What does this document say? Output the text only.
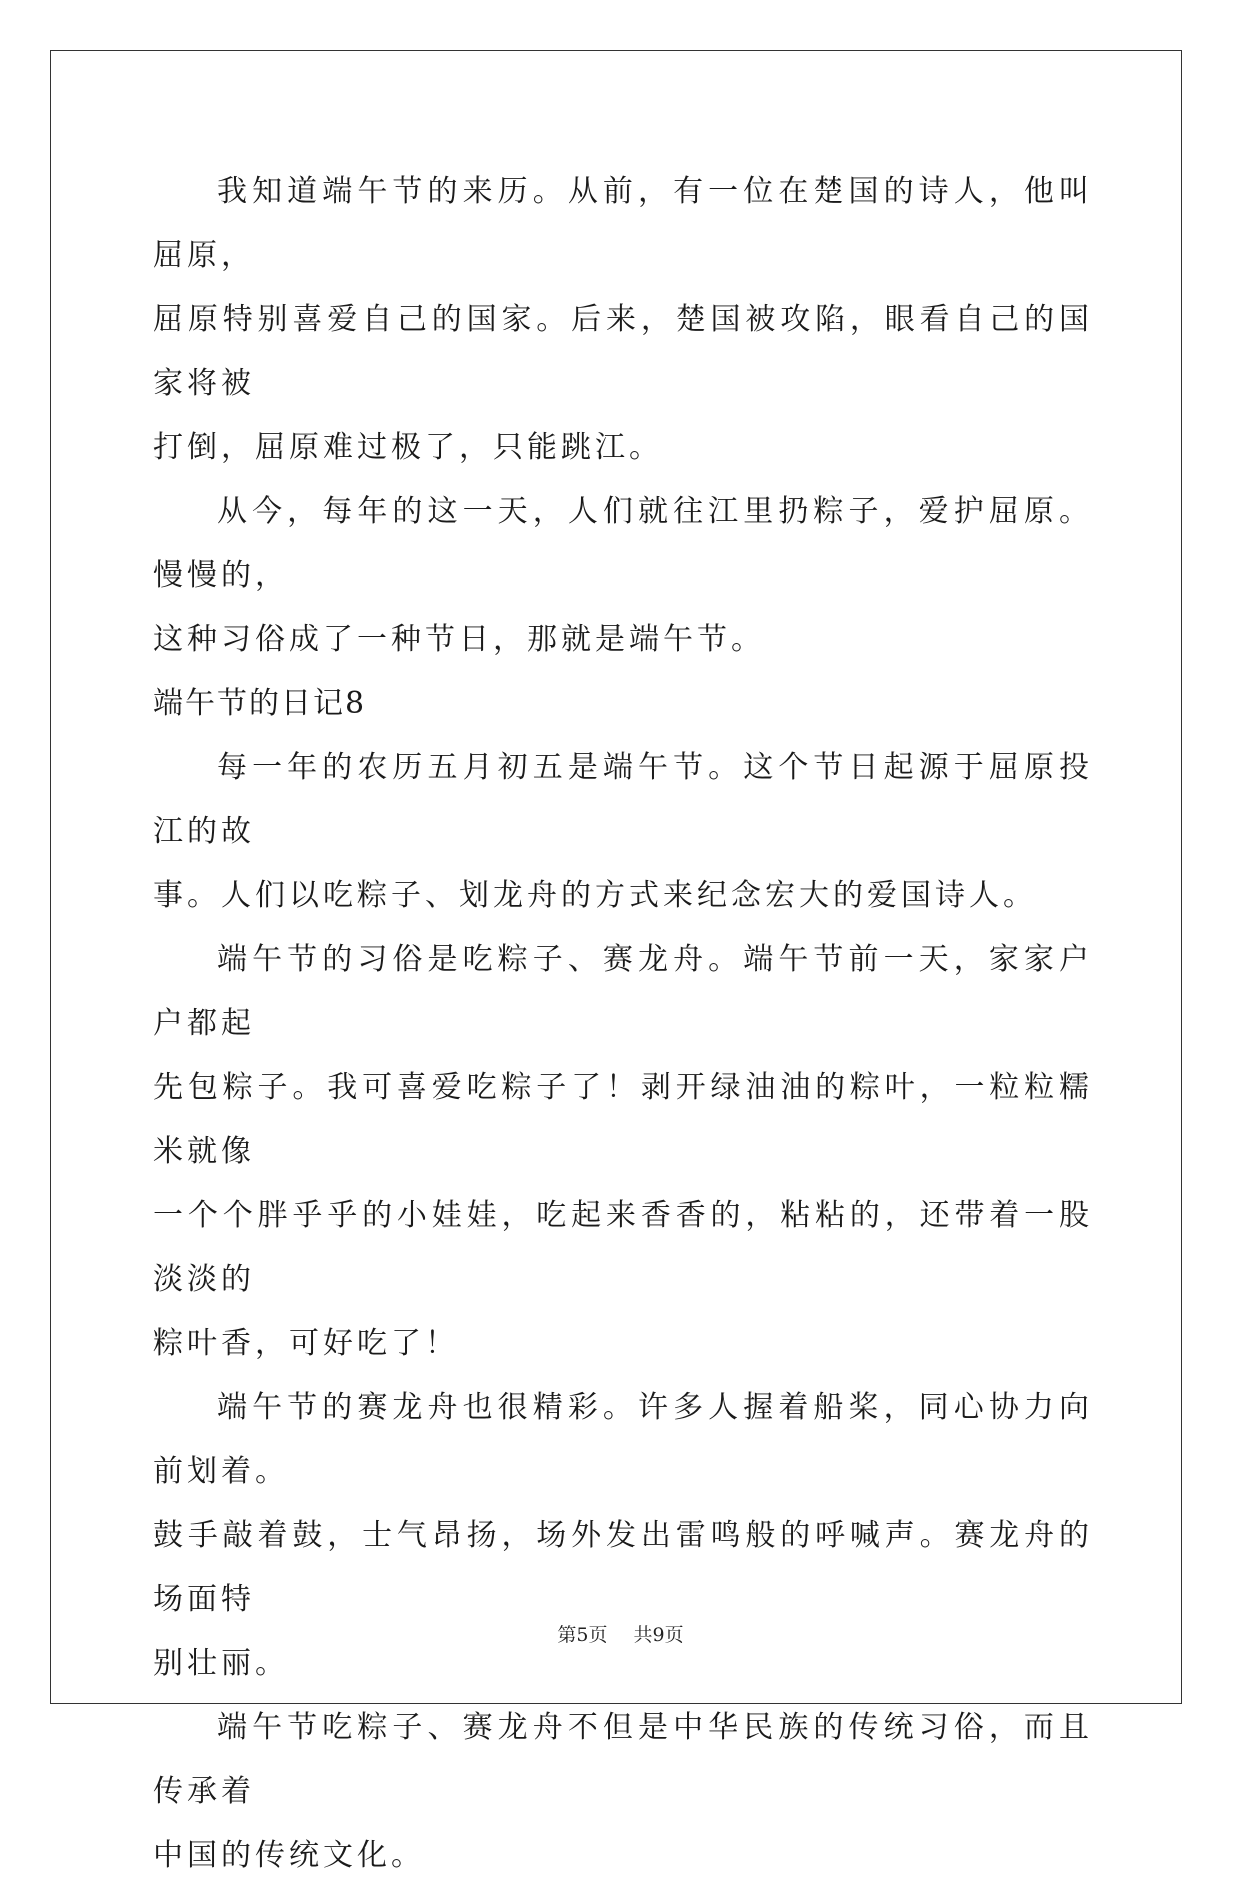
我知道端午节的来历。从前，有一位在楚国的诗人，他叫屈原，
屈原特别喜爱自己的国家。后来，楚国被攻陷，眼看自己的国家将被
打倒，屈原难过极了，只能跳江。

从今，每年的这一天，人们就往江里扔粽子，爱护屈原。慢慢的，
这种习俗成了一种节日，那就是端午节。

端午节的日记8

每一年的农历五月初五是端午节。这个节日起源于屈原投江的故
事。人们以吃粽子、划龙舟的方式来纪念宏大的爱国诗人。

端午节的习俗是吃粽子、赛龙舟。端午节前一天，家家户户都起
先包粽子。我可喜爱吃粽子了！剥开绿油油的粽叶，一粒粒糯米就像
一个个胖乎乎的小娃娃，吃起来香香的，粘粘的，还带着一股淡淡的
粽叶香，可好吃了！

端午节的赛龙舟也很精彩。许多人握着船桨，同心协力向前划着。
鼓手敲着鼓，士气昂扬，场外发出雷鸣般的呼喊声。赛龙舟的场面特
别壮丽。

端午节吃粽子、赛龙舟不但是中华民族的传统习俗，而且传承着
中国的传统文化。

第5页 共9页
